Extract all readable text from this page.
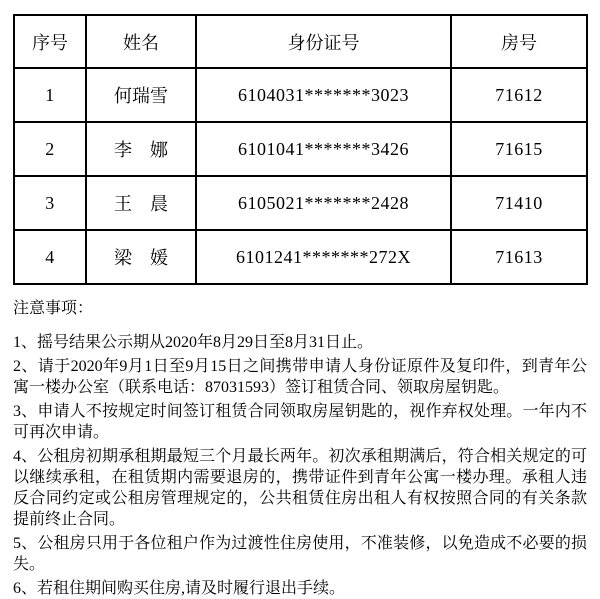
序号	姓名	身份证号	房号
1	何瑞雪	6104031*******3023	71612
2	李　娜	6101041*******3426	71615
3	王　晨	6105021*******2428	71410
4	梁　媛	6101241*******272X	71613
注意事项：

1、摇号结果公示期从2020年8月29日至8月31日止。

2、请于2020年9月1日至9月15日之间携带申请人身份证原件及复印件，到青年公寓一楼办公室（联系电话：87031593）签订租赁合同、领取房屋钥匙。

3、申请人不按规定时间签订租赁合同领取房屋钥匙的，视作弃权处理。一年内不可再次申请。

4、公租房初期承租期最短三个月最长两年。初次承租期满后，符合相关规定的可以继续承租，在租赁期内需要退房的，携带证件到青年公寓一楼办理。承租人违反合同约定或公租房管理规定的，公共租赁住房出租人有权按照合同的有关条款提前终止合同。

5、公租房只用于各位租户作为过渡性住房使用，不准装修，以免造成不必要的损失。

6、若租住期间购买住房,请及时履行退出手续。
